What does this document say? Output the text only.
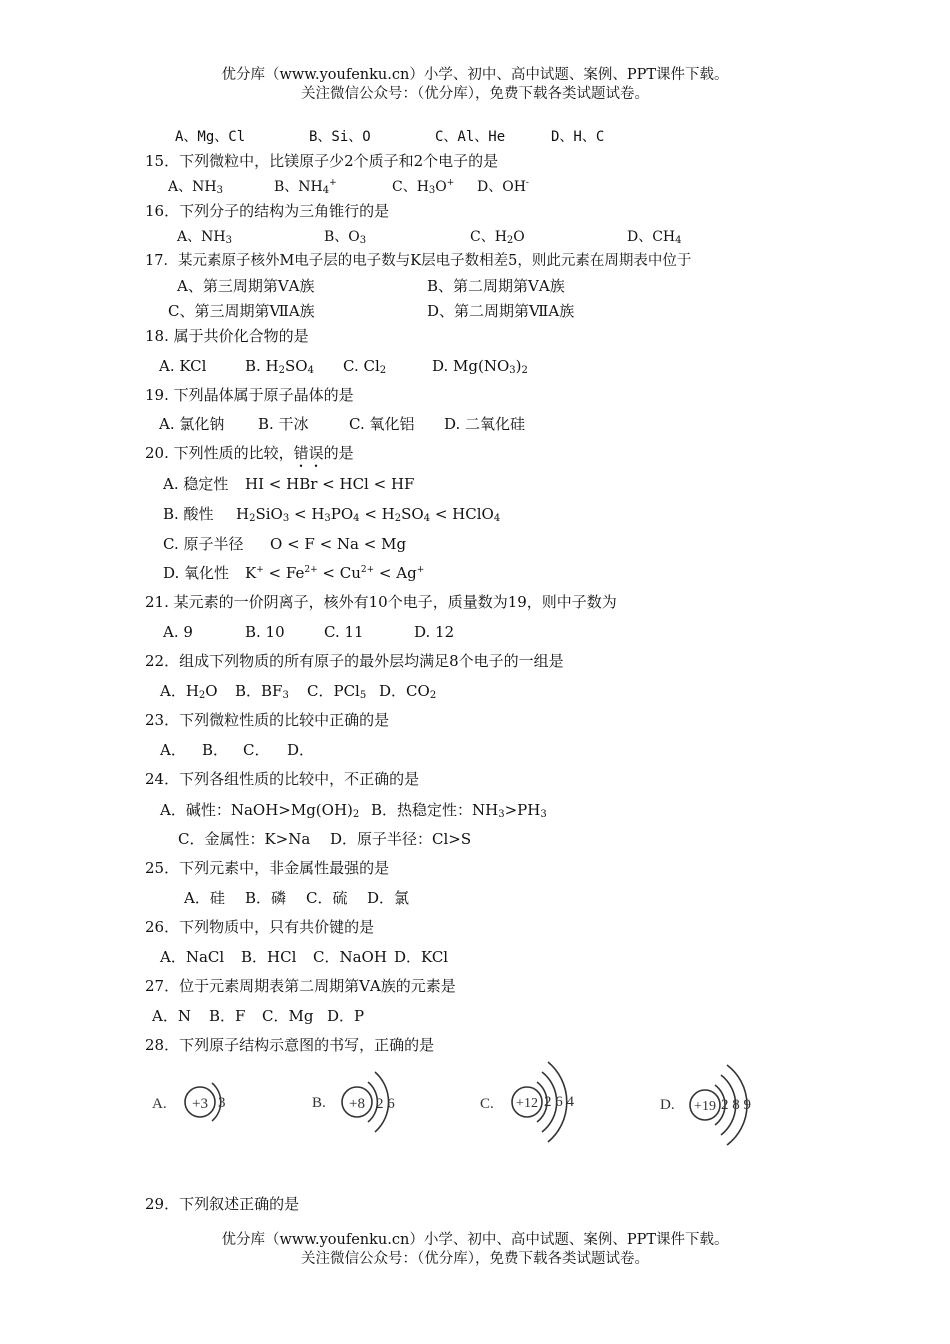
优分库（www.youfenku.cn）小学、初中、高中试题、案例、PPT课件下载。
关注微信公众号：（优分库），免费下载各类试题试卷。
A、Mg、Cl	B、Si、O	C、Al、He	D、H、C
15．下列微粒中，比镁原子少2个质子和2个电子的是
A、$NH_3$	B、$NH_4^+$	C、$H_3O^+$ D、OH-
16．下列分子的结构为三角锥行的是
A、$NH_3$	B、$O_3$	C、$H_2O$	D、$CH_4$
17．某元素原子核外M电子层的电子数与K层电子数相差5，则此元素在周期表中位于
A、第三周期第ⅤA族	B、第二周期第ⅤA族
C、第三周期第ⅦA族	D、第二周期第ⅦA族
18. 属于共价化合物的是
A. KCl	B. $H_2SO_4$ C. $Cl_2$	D. $Mg(NO_3)_2$
19. 下列晶体属于原子晶体的是
A. 氯化钠 B. 干冰	C. 氧化铝 D. 二氧化硅
20. 下列性质的比较，错误的是
A. 稳定性 HI < HBr < HCl < HF
B. 酸性 $H_2SiO_3 < H_3PO_4 < H_2SO_4$ < HClO$_4$
C. 原子半径 O < F < Na < Mg
D. 氧化性 $K^+ < Fe^{2+} < Cu^{2+} < Ag^+$
21. 某元素的一价阴离子，核外有10个电子，质量数为19，则中子数为
A. 9	B. 10	C. 11	D. 12
22．组成下列物质的所有原子的最外层均满足8个电子的一组是
A．$H_2O$ B．$BF_3$ C．PCl$_5$ D．$CO_2$
23．下列微粒性质的比较中正确的是
A． B． C． D．
24．下列各组性质的比较中，不正确的是
A．碱性：$NaOH>Mg(OH)_2$ B．热稳定性：$NH_3>PH_3$
C．金属性：K>Na D．原子半径：Cl>S
25．下列元素中，非金属性最强的是
A．硅 B．磷 C．硫 D．氯
26．下列物质中，只有共价键的是
A．NaCl B．HCl C．NaOH D．KCl
27．位于元素周期表第二周期第ⅤA族的元素是
A．N B．F C．Mg D．P
28．下列原子结构示意图的书写，正确的是
A. +3 3	B. +8 2 6	C. +12 2 6 4	D. +19 2 8 9
29．下列叙述正确的是
优分库（www.youfenku.cn）小学、初中、高中试题、案例、PPT课件下载。
关注微信公众号：（优分库），免费下载各类试题试卷。
